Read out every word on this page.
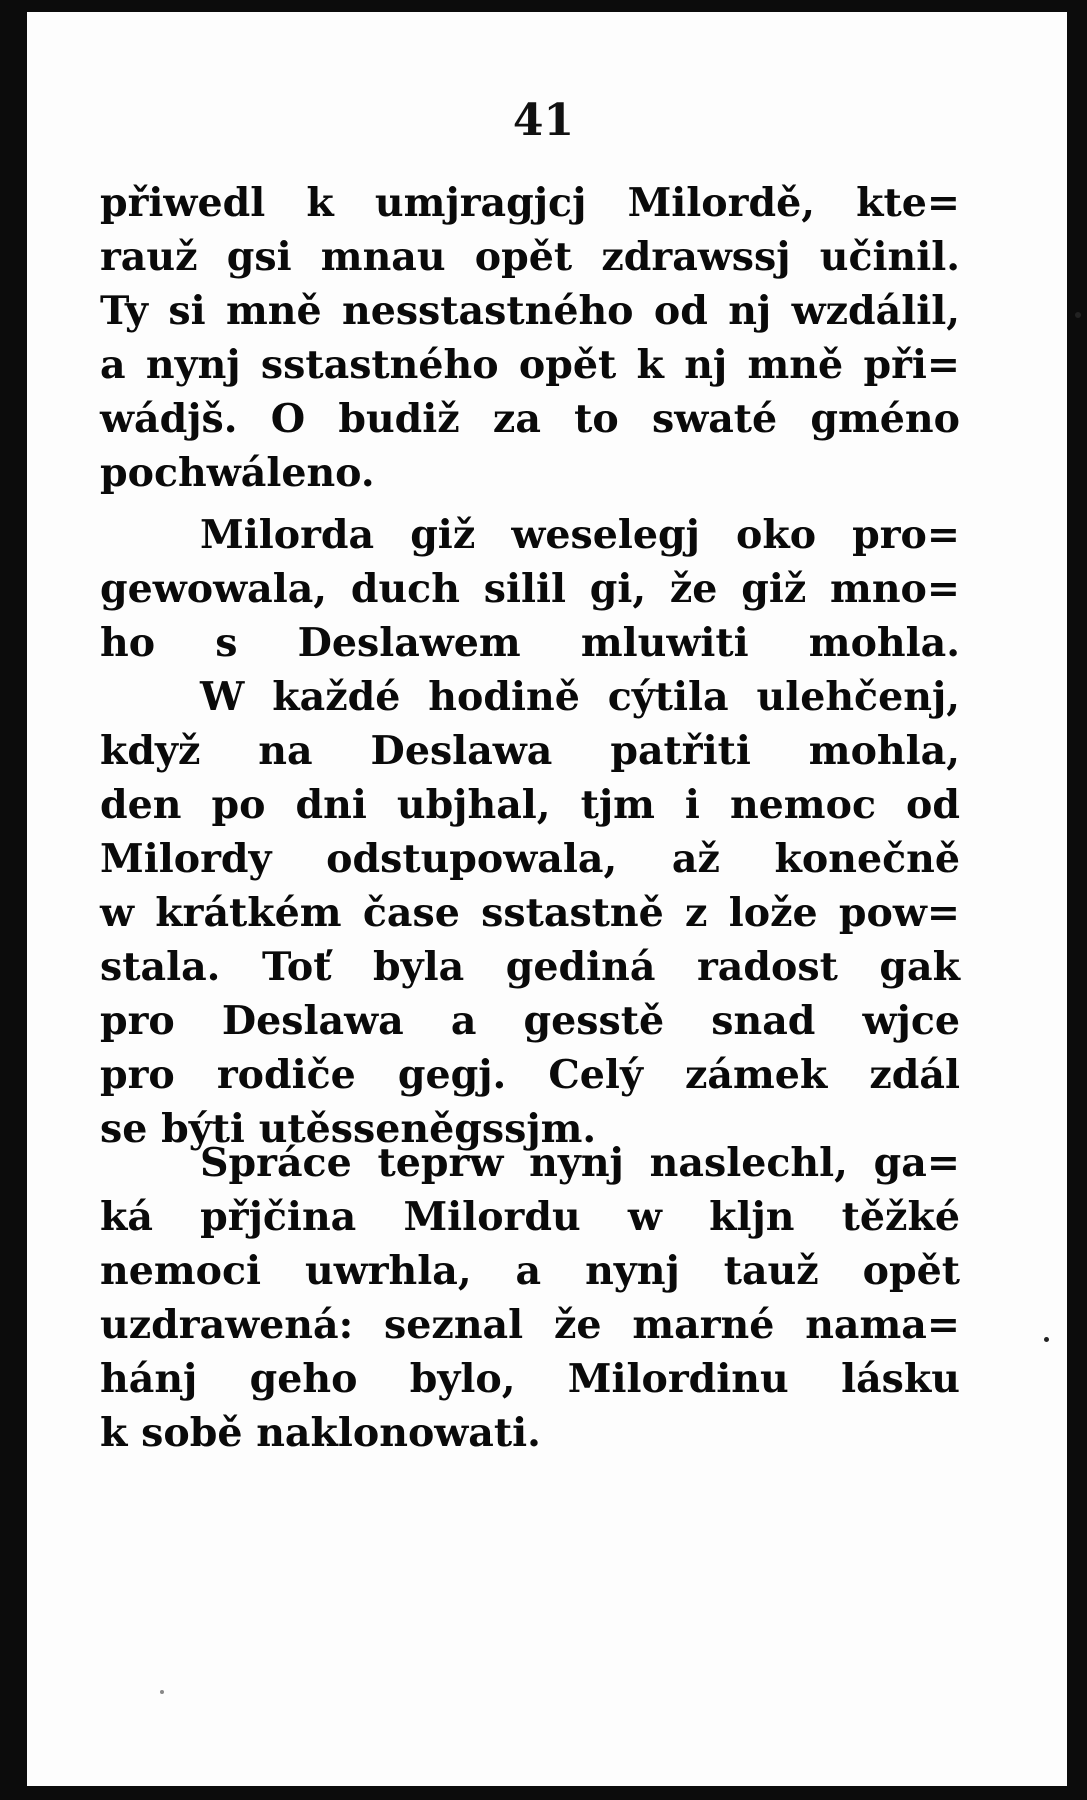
41
přiwedl k umjragjcj Milordě, kte=
rauž gsi mnau opět zdrawssj učinil.
Ty si mně nesstastného od nj wzdálil,
a nynj sstastného opět k nj mně při=
wádjš. O budiž za to swaté gméno
pochwáleno.
Milorda giž weselegj oko pro=
gewowala, duch silil gi, že giž mno=
ho s Deslawem mluwiti mohla.
W každé hodině cýtila ulehčenj,
když na Deslawa patřiti mohla,
den po dni ubjhal, tjm i nemoc od
Milordy odstupowala, až konečně
w krátkém čase sstastně z lože pow=
stala. Toť byla gediná radost gak
pro Deslawa a gesstě snad wjce
pro rodiče gegj. Celý zámek zdál
se býti utěsseněgssjm.
Spráce teprw nynj naslechl, ga=
ká přjčina Milordu w kljn těžké
nemoci uwrhla, a nynj tauž opět
uzdrawená: seznal že marné nama=
hánj geho bylo, Milordinu lásku
k sobě naklonowati.
